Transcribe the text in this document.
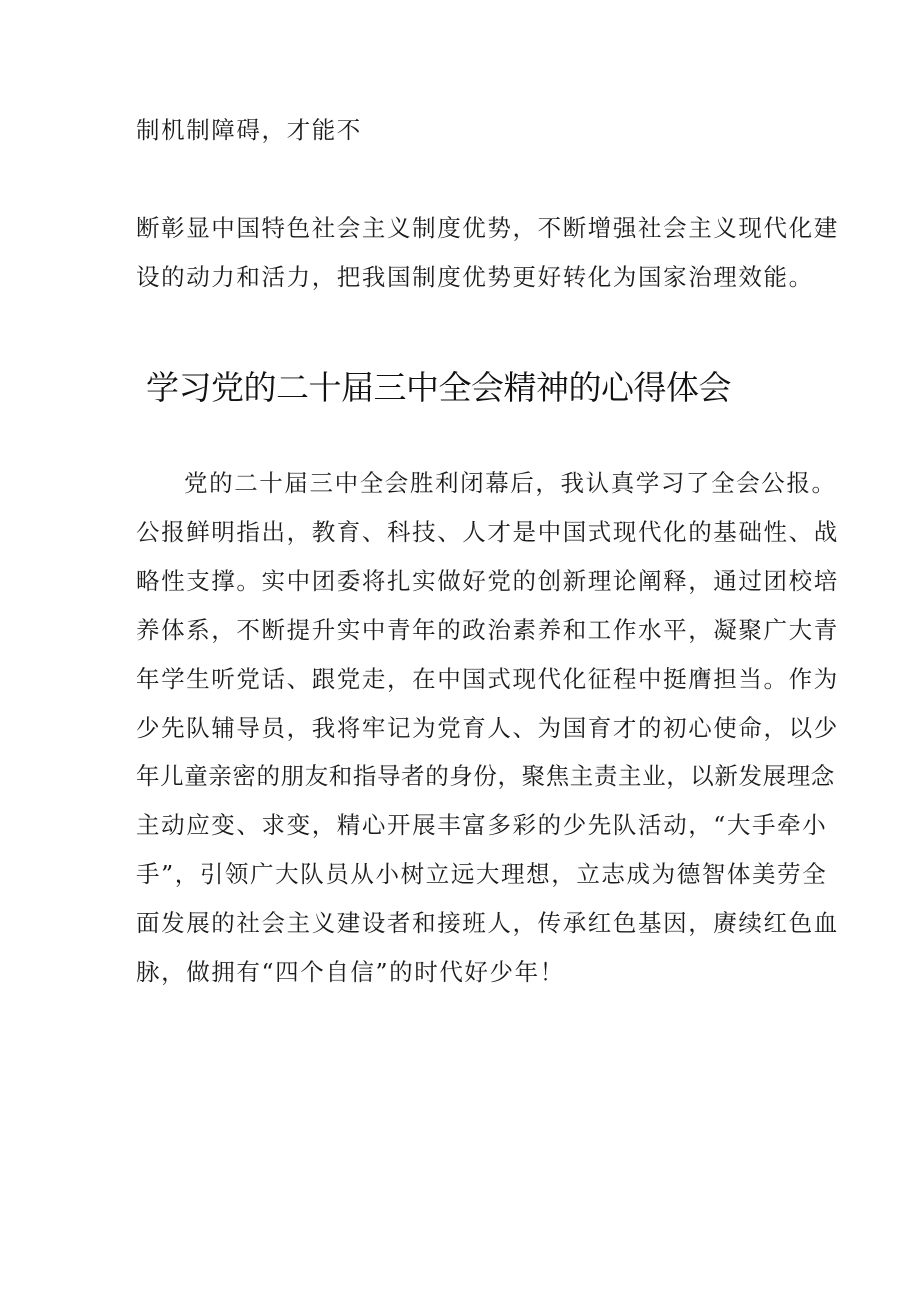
制机制障碍，才能不

断彰显中国特色社会主义制度优势，不断增强社会主义现代化建

设的动力和活力，把我国制度优势更好转化为国家治理效能。

学习党的二十届三中全会精神的心得体会

党的二十届三中全会胜利闭幕后，我认真学习了全会公报。

公报鲜明指出，教育、科技、人才是中国式现代化的基础性、战

略性支撑。实中团委将扎实做好党的创新理论阐释，通过团校培

养体系，不断提升实中青年的政治素养和工作水平，凝聚广大青

年学生听党话、跟党走，在中国式现代化征程中挺膺担当。作为

少先队辅导员，我将牢记为党育人、为国育才的初心使命，以少

年儿童亲密的朋友和指导者的身份，聚焦主责主业，以新发展理念

主动应变、求变，精心开展丰富多彩的少先队活动，“大手牵小

手”，引领广大队员从小树立远大理想，立志成为德智体美劳全

面发展的社会主义建设者和接班人，传承红色基因，赓续红色血

脉，做拥有“四个自信”的时代好少年！
